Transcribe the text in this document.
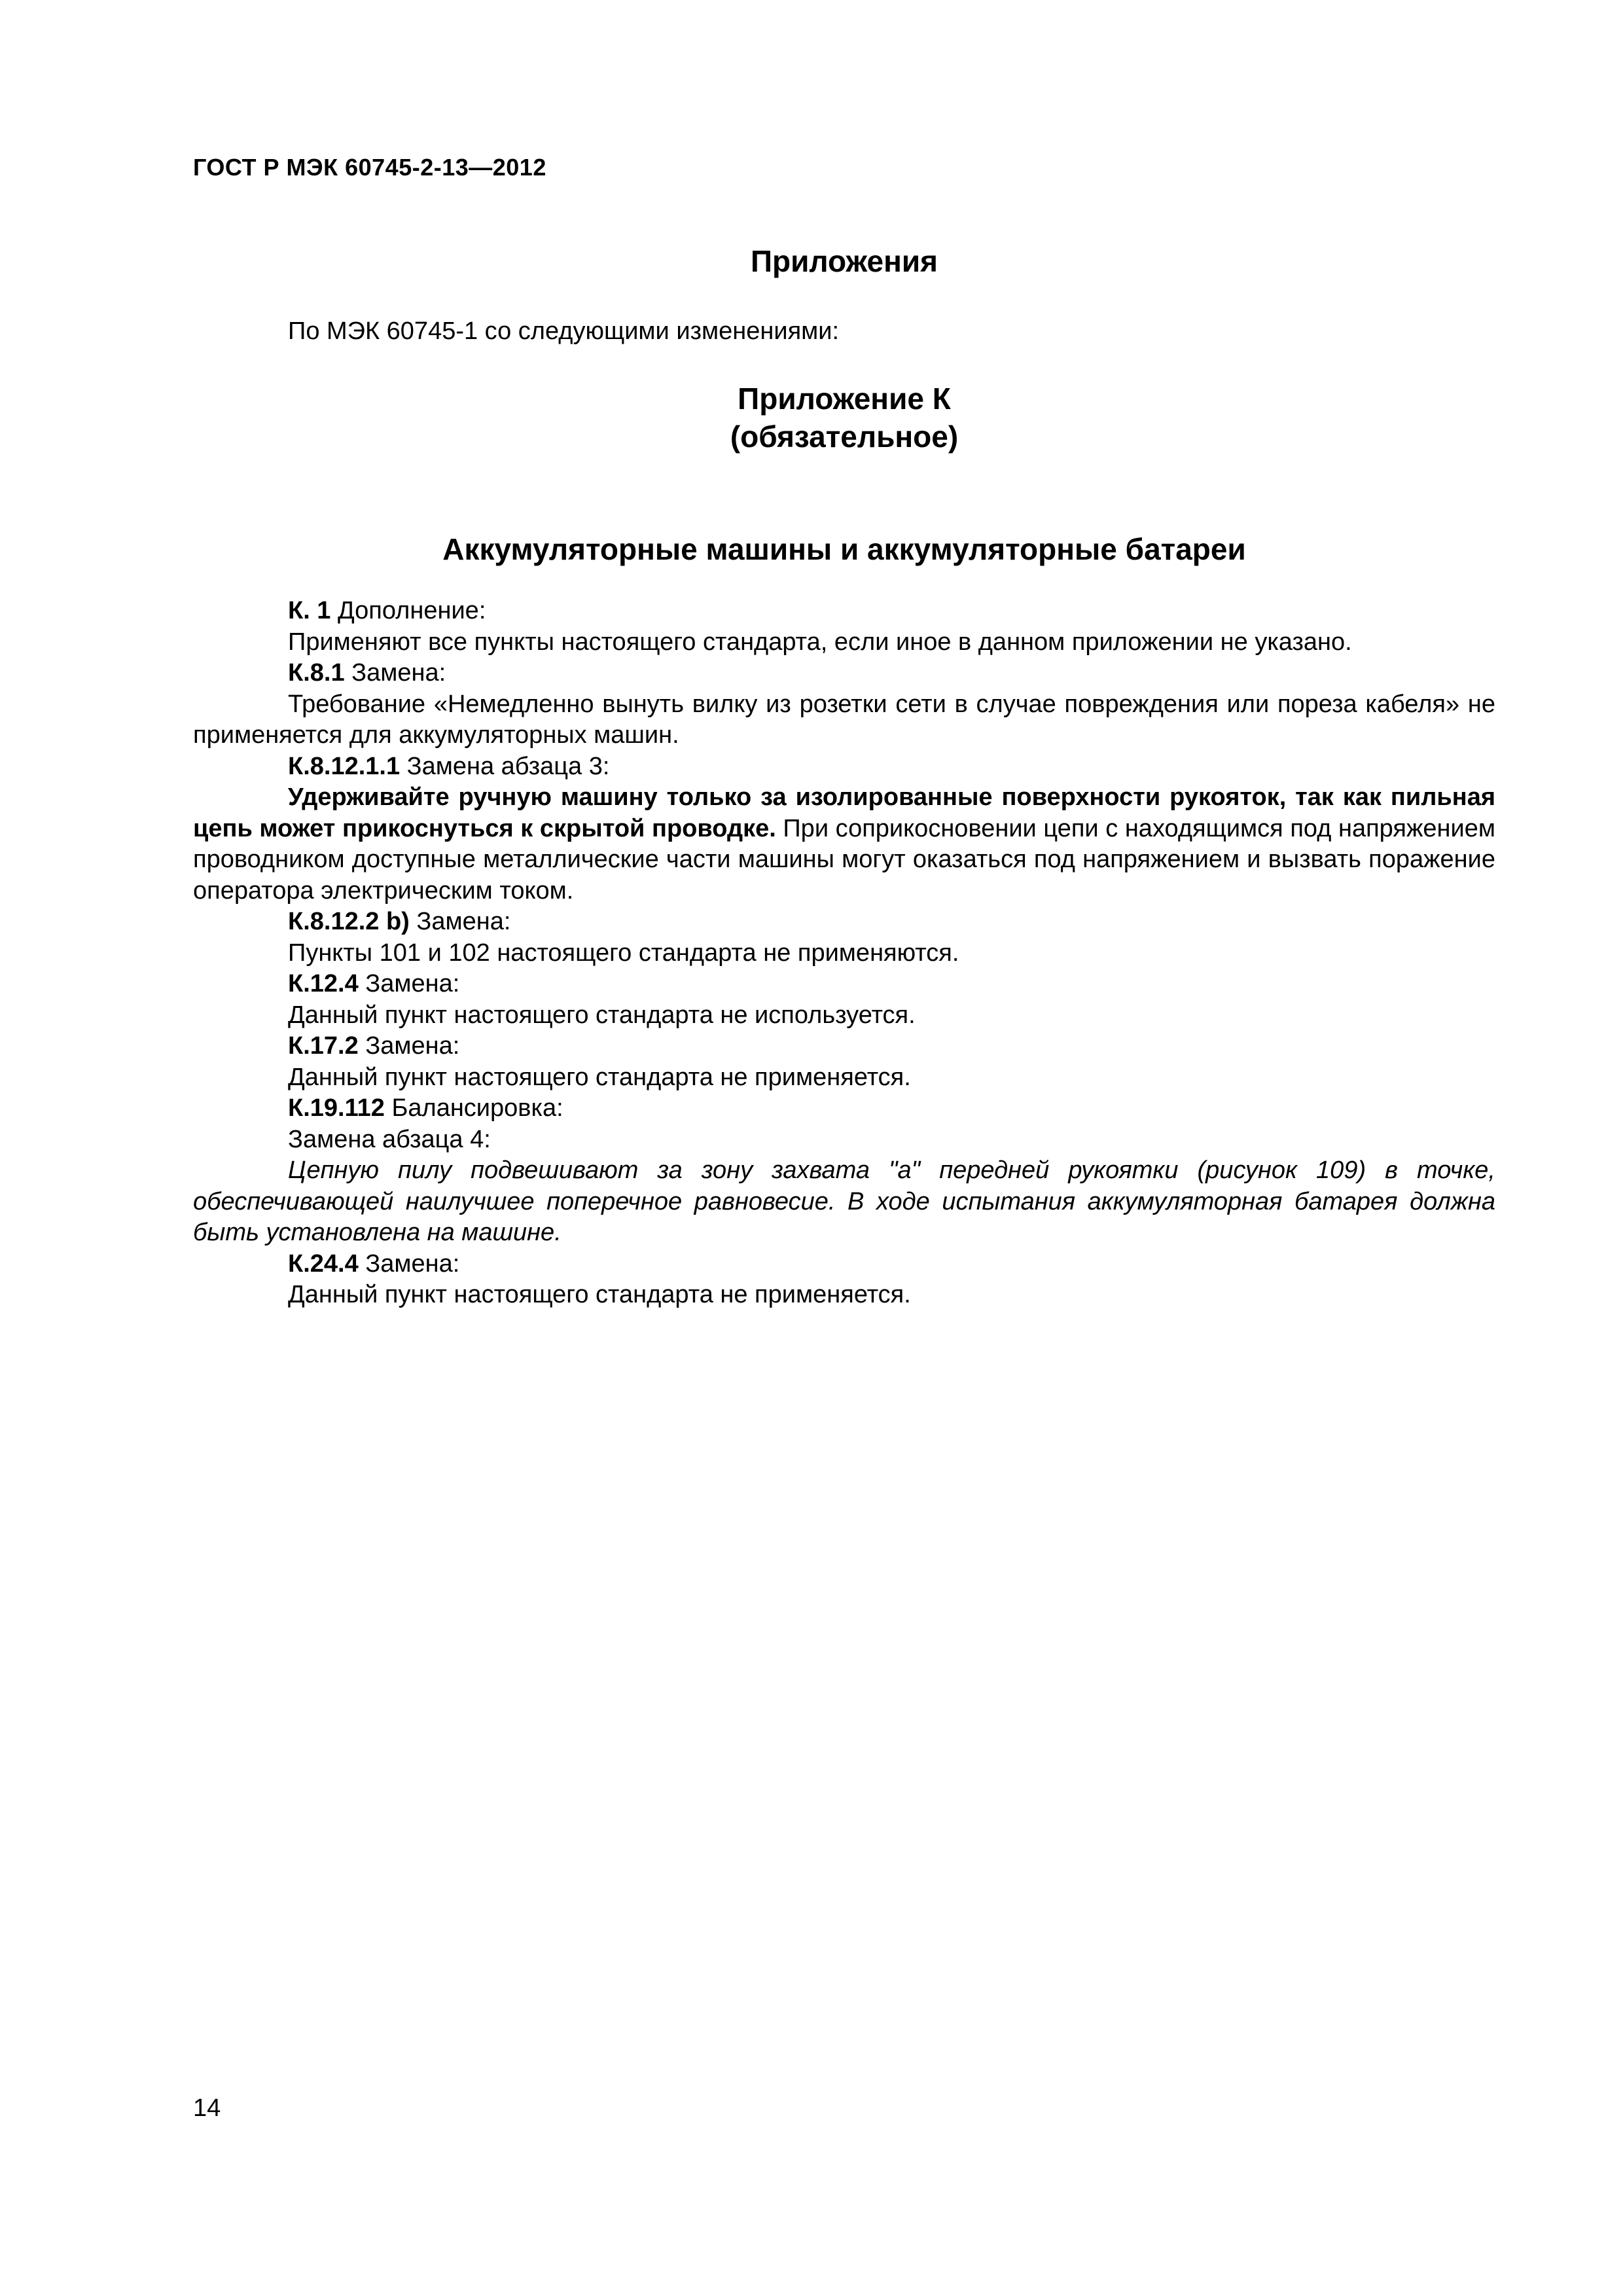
ГОСТ Р МЭК 60745-2-13—2012
Приложения
По МЭК 60745-1 со следующими изменениями:
Приложение К
(обязательное)
Аккумуляторные машины и аккумуляторные батареи

К. 1 Дополнение:

Применяют все пункты настоящего стандарта, если иное в данном приложении не указано.

К.8.1 Замена:

Требование «Немедленно вынуть вилку из розетки сети в случае повреждения или пореза кабеля» не применяется для аккумуляторных машин.

К.8.12.1.1 Замена абзаца 3:

Удерживайте ручную машину только за изолированные поверхности рукояток, так как пильная цепь может прикоснуться к скрытой проводке. При соприкосновении цепи с находящимся под напряжением проводником доступные металлические части машины могут оказаться под напряжением и вызвать поражение оператора электрическим током.

К.8.12.2 b) Замена:

Пункты 101 и 102 настоящего стандарта не применяются.

К.12.4 Замена:

Данный пункт настоящего стандарта не используется.

К.17.2 Замена:

Данный пункт настоящего стандарта не применяется.

К.19.112 Балансировка:

Замена абзаца 4:

Цепную пилу подвешивают за зону захвата "а" передней рукоятки (рисунок 109) в точке, обеспечивающей наилучшее поперечное равновесие. В ходе испытания аккумуляторная батарея должна быть установлена на машине.

К.24.4 Замена:

Данный пункт настоящего стандарта не применяется.

14
